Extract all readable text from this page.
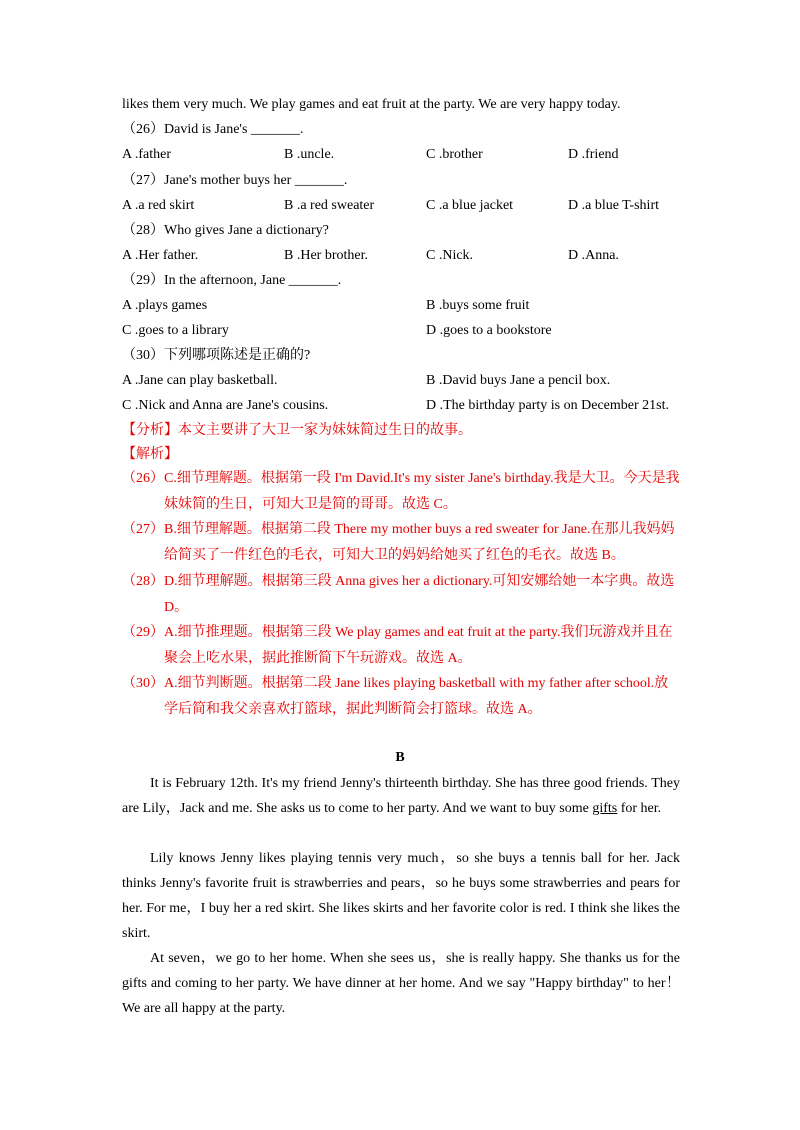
likes them very much. We play games and eat fruit at the party. We are very happy today.
（26）David is Jane's _______.
A .father	B .uncle.	C .brother	D .friend
（27）Jane's mother buys her _______.
A .a red skirt	B .a red sweater	C .a blue jacket	D .a blue T-shirt
（28）Who gives Jane a dictionary?
A .Her father.	B .Her brother.	C .Nick.	D .Anna.
（29）In the afternoon, Jane _______.
A .plays games	B .buys some fruit
C .goes to a library	D .goes to a bookstore
（30）下列哪项陈述是正确的?
A .Jane can play basketball.	B .David buys Jane a pencil box.
C .Nick and Anna are Jane's cousins.	D .The birthday party is on December 21st.
【分析】本文主要讲了大卫一家为妹妹简过生日的故事。
【解析】
（26）C.细节理解题。根据第一段 I'm David.It's my sister Jane's birthday.我是大卫。今天是我妹妹简的生日，可知大卫是简的哥哥。故选 C。
（27）B.细节理解题。根据第二段 There my mother buys a red sweater for Jane.在那儿我妈妈给简买了一件红色的毛衣，可知大卫的妈妈给她买了红色的毛衣。故选 B。
（28）D.细节理解题。根据第三段 Anna gives her a dictionary.可知安娜给她一本字典。故选 D。
（29）A.细节推理题。根据第三段 We play games and eat fruit at the party.我们玩游戏并且在聚会上吃水果，据此推断简下午玩游戏。故选 A。
（30）A.细节判断题。根据第二段 Jane likes playing basketball with my father after school.放学后简和我父亲喜欢打篮球，据此判断简会打篮球。故选 A。
B
It is February 12th. It's my friend Jenny's thirteenth birthday. She has three good friends. They are Lily，Jack and me. She asks us to come to her party. And we want to buy some gifts for her.
Lily knows Jenny likes playing tennis very much，so she buys a tennis ball for her. Jack thinks Jenny's favorite fruit is strawberries and pears，so he buys some strawberries and pears for her. For me，I buy her a red skirt. She likes skirts and her favorite color is red. I think she likes the skirt.
At seven，we go to her home. When she sees us，she is really happy. She thanks us for the gifts and coming to her party. We have dinner at her home. And we say "Happy birthday" to her！We are all happy at the party.
